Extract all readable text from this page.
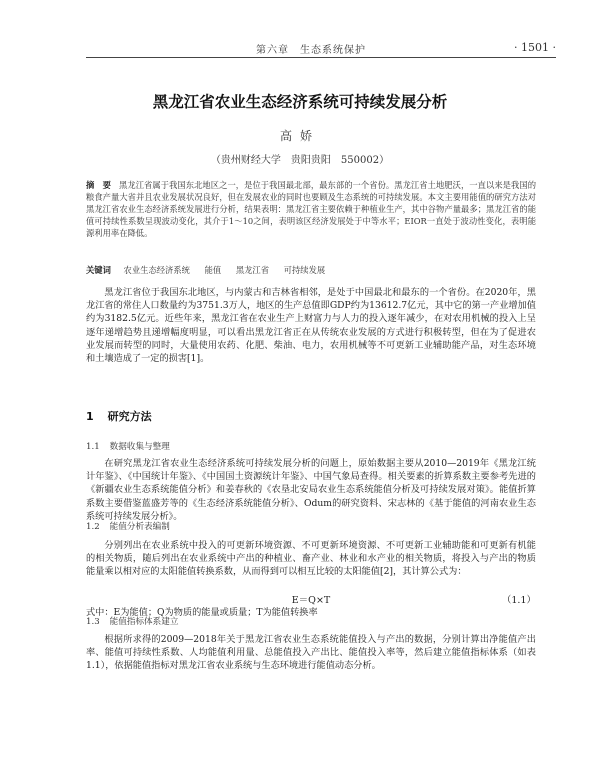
第六章　生态系统保护	· 1501 ·
黑龙江省农业生态经济系统可持续发展分析
高娇
（贵州财经大学　贵阳贵阳　550002）
摘　要 黑龙江省属于我国东北地区之一，是位于我国最北部，最东部的一个省份。黑龙江省土地肥沃，一直以来是我国的粮食产量大省并且农业发展状况良好，但在发展农业的同时也要顾及生态系统的可持续发展。本文主要用能值的研究方法对黑龙江省农业生态经济系统发展进行分析，结果表明：黑龙江省主要依赖于种植业生产，其中谷物产量最多；黑龙江省的能值可持续性系数呈现波动变化，其介于1～10之间，表明该区经济发展处于中等水平；EIOR一直处于波动性变化，表明能源利用率在降低。
关键词 农业生态经济系统 能值 黑龙江省 可持续发展
黑龙江省位于我国东北地区，与内蒙古和吉林省相邻，是处于中国最北和最东的一个省份。在2020年，黑龙江省的常住人口数量约为3751.3万人，地区的生产总值即GDP约为13612.7亿元，其中它的第一产业增加值约为3182.5亿元。近些年来，黑龙江省在农业生产上财富力与人力的投入逐年减少，在对农用机械的投入上呈逐年递增趋势且递增幅度明显，可以看出黑龙江省正在从传统农业发展的方式进行积极转型，但在为了促进农业发展而转型的同时，大量使用农药、化肥、柴油、电力，农用机械等不可更新工业辅助能产品，对生态环境和土壤造成了一定的损害[1]。
1 研究方法
1.1 数据收集与整理
在研究黑龙江省农业生态经济系统可持续发展分析的问题上，原始数据主要从2010—2019年《黑龙江统计年鉴》、《中国统计年鉴》、《中国国土资源统计年鉴》、中国气象局查得。相关要素的折算系数主要参考先进的《新疆农业生态系统能值分析》和姜春秋的《农垦北安局农业生态系统能值分析及可持续发展对策》。能值折算系数主要借鉴蓝盛芳等的《生态经济系统能值分析》、Odum的研究资料、宋志林的《基于能值的河南农业生态系统可持续发展分析》。
1.2 能值分析表编制
分别列出在农业系统中投入的可更新环境资源、不可更新环境资源、不可更新工业辅助能和可更新有机能的相关物质，随后列出在农业系统中产出的种植业、畜产业、林业和水产业的相关物质，将投入与产出的物质能量乘以相对应的太阳能值转换系数，从而得到可以相互比较的太阳能值[2]，其计算公式为：
E＝Q×T	（1.1）
式中：E为能值；Q为物质的能量或质量；T为能值转换率
1.3 能值指标体系建立
根据所求得的2009—2018年关于黑龙江省农业生态系统能值投入与产出的数据，分别计算出净能值产出率、能值可持续性系数、人均能值利用量、总能值投入产出比、能值投入率等，然后建立能值指标体系（如表1.1），依据能值指标对黑龙江省农业系统与生态环境进行能值动态分析。
